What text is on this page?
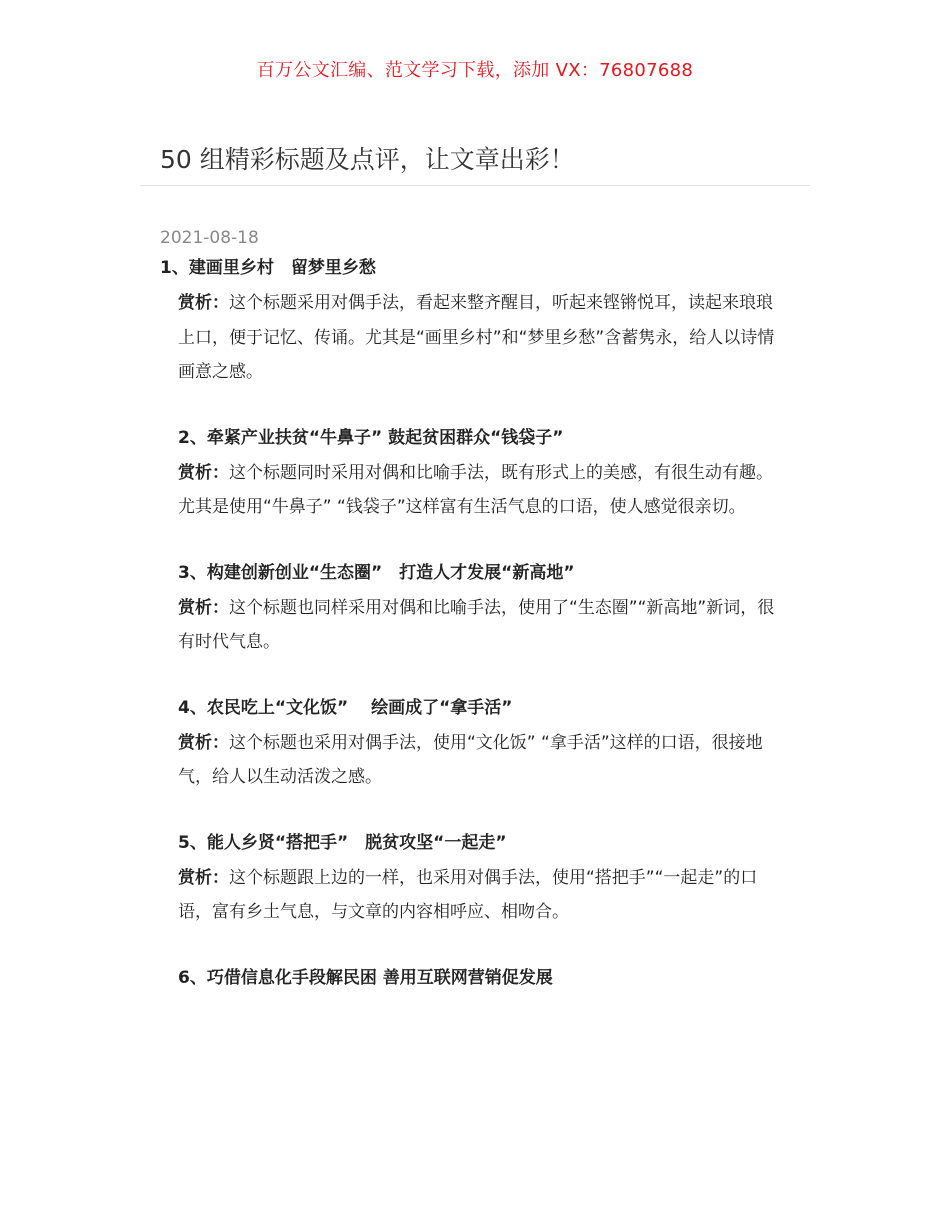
百万公文汇编、范文学习下载，添加 VX：76807688
50 组精彩标题及点评，让文章出彩！
2021-08-18
1、建画里乡村　留梦里乡愁
赏析：这个标题采用对偶手法，看起来整齐醒目，听起来铿锵悦耳，读起来琅琅上口，便于记忆、传诵。尤其是“画里乡村”和“梦里乡愁”含蓄隽永，给人以诗情画意之感。
2、牵紧产业扶贫“牛鼻子” 鼓起贫困群众“钱袋子”
赏析：这个标题同时采用对偶和比喻手法，既有形式上的美感，有很生动有趣。尤其是使用“牛鼻子” “钱袋子”这样富有生活气息的口语，使人感觉很亲切。
3、构建创新创业“生态圈”　打造人才发展“新高地”
赏析：这个标题也同样采用对偶和比喻手法，使用了“生态圈”“新高地”新词，很有时代气息。
4、农民吃上“文化饭”　 绘画成了“拿手活”
赏析：这个标题也采用对偶手法，使用“文化饭” “拿手活”这样的口语，很接地气，给人以生动活泼之感。
5、能人乡贤“搭把手”　脱贫攻坚“一起走”
赏析：这个标题跟上边的一样，也采用对偶手法，使用“搭把手”“一起走”的口语，富有乡土气息，与文章的内容相呼应、相吻合。
6、巧借信息化手段解民困 善用互联网营销促发展
